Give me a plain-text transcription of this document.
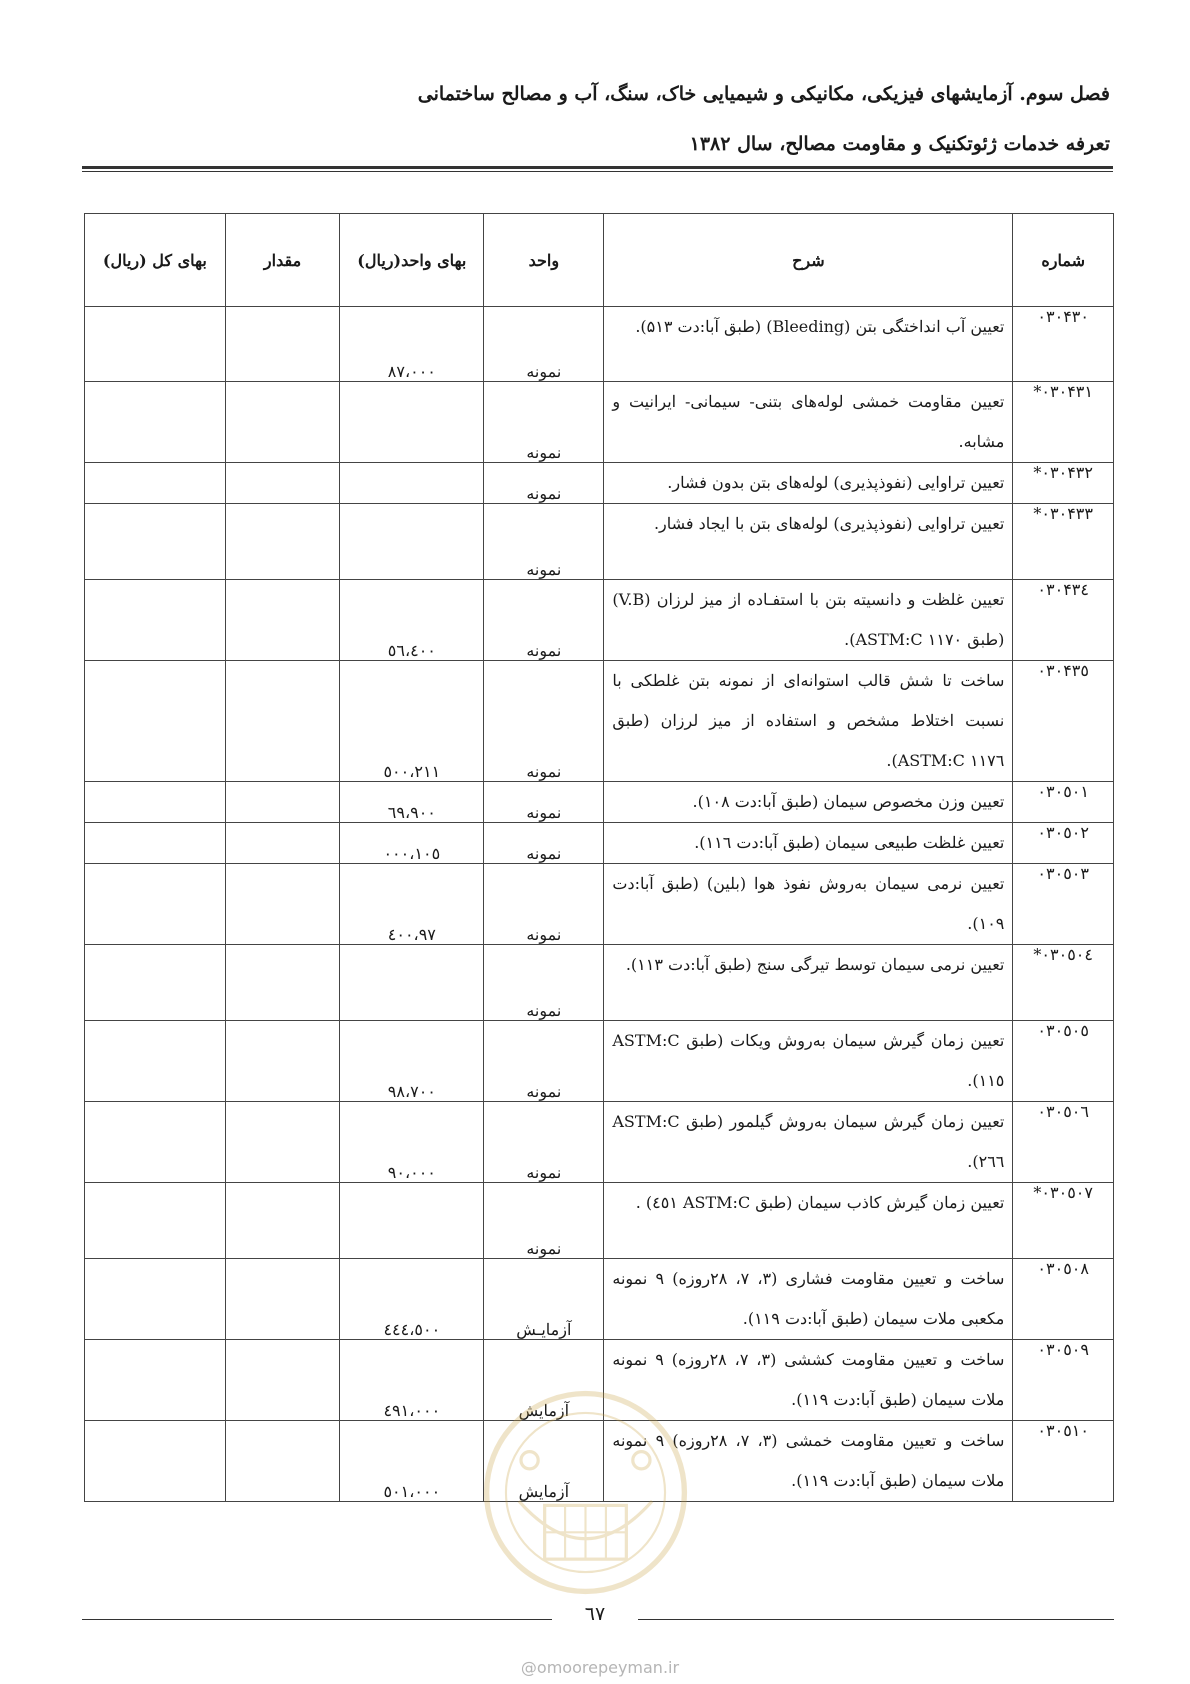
فصل سوم. آزمایشهای فیزیکی، مکانیکی و شیمیایی خاک، سنگ، آب و مصالح ساختمانی
تعرفه خدمات ژئوتکنیک و مقاومت مصالح، سال ۱۳۸۲
شماره	شرح	واحد	بهای واحد(ریال)	مقدار	بهای کل (ریال)
۰۳۰۴۳۰	تعیین آب انداختگی بتن (Bleeding) (طبق آبا:دت ۵۱۳).	نمونه	۸۷،۰۰۰		
۰۳۰۴۳۱*	تعیین مقاومت خمشی لوله‌های بتنی- سیمانی- ایرانیت و مشابه.	نمونه			
۰۳۰۴۳۲*	تعیین تراوایی (نفوذپذیری) لوله‌های بتن بدون فشار.	نمونه			
۰۳۰۴۳۳*	تعیین تراوایی (نفوذپذیری) لوله‌های بتن با ایجاد فشار.	نمونه			
۰۳۰۴۳٤	تعیین غلظت و دانسیته بتن با استفـاده از میز لرزان (V.B) (طبق ASTM:C ۱۱۷۰).	نمونه	٥٦،٤۰۰		
۰۳۰۴۳٥	ساخت تا شش قالب استوانه‌ای از نمونه بتن غلطکی با نسبت اختلاط مشخص و استفاده از میز لرزان (طبق ASTM:C ۱۱۷٦).	نمونه	۲۱۱،٥۰۰		
۰۳۰٥۰۱	تعیین وزن مخصوص سیمان (طبق آبا:دت ۱۰۸).	نمونه	٦۹،۹۰۰		
۰۳۰٥۰۲	تعیین غلظت طبیعی سیمان (طبق آبا:دت ۱۱٦).	نمونه	۱۰٥،۰۰۰		
۰۳۰٥۰۳	تعیین نرمی سیمان به‌روش نفوذ هوا (بلین) (طبق آبا:دت ۱۰۹).	نمونه	۹۷،٤۰۰		
۰۳۰٥۰٤*	تعیین نرمی سیمان توسط تیرگی سنج (طبق آبا:دت ۱۱۳).	نمونه			
۰۳۰٥۰٥	تعیین زمان گیرش سیمان به‌روش ویکات (طبق ASTM:C ۱۱٥).	نمونه	۹۸،۷۰۰		
۰۳۰٥۰٦	تعیین زمان گیرش سیمان به‌روش گیلمور (طبق ASTM:C ۲٦٦).	نمونه	۹۰،۰۰۰		
۰۳۰٥۰۷*	تعیین زمان گیرش کاذب سیمان (طبق ASTM:C ٤٥۱) .	نمونه			
۰۳۰٥۰۸	ساخت و تعیین مقاومت فشاری (۳، ۷، ۲۸روزه) ۹ نمونه مکعبی ملات سیمان (طبق آبا:دت ۱۱۹).	آزمایـش	٤٤٤،٥۰۰		
۰۳۰٥۰۹	ساخت و تعیین مقاومت کششی (۳، ۷، ۲۸روزه) ۹ نمونه ملات سیمان (طبق آبا:دت ۱۱۹).	آزمایش	٤۹۱،۰۰۰		
۰۳۰٥۱۰	ساخت و تعیین مقاومت خمشی (۳، ۷، ۲۸روزه) ۹ نمونه ملات سیمان (طبق آبا:دت ۱۱۹).	آزمایش	٥۰۱،۰۰۰		
٦۷
@omoorepeyman.ir
